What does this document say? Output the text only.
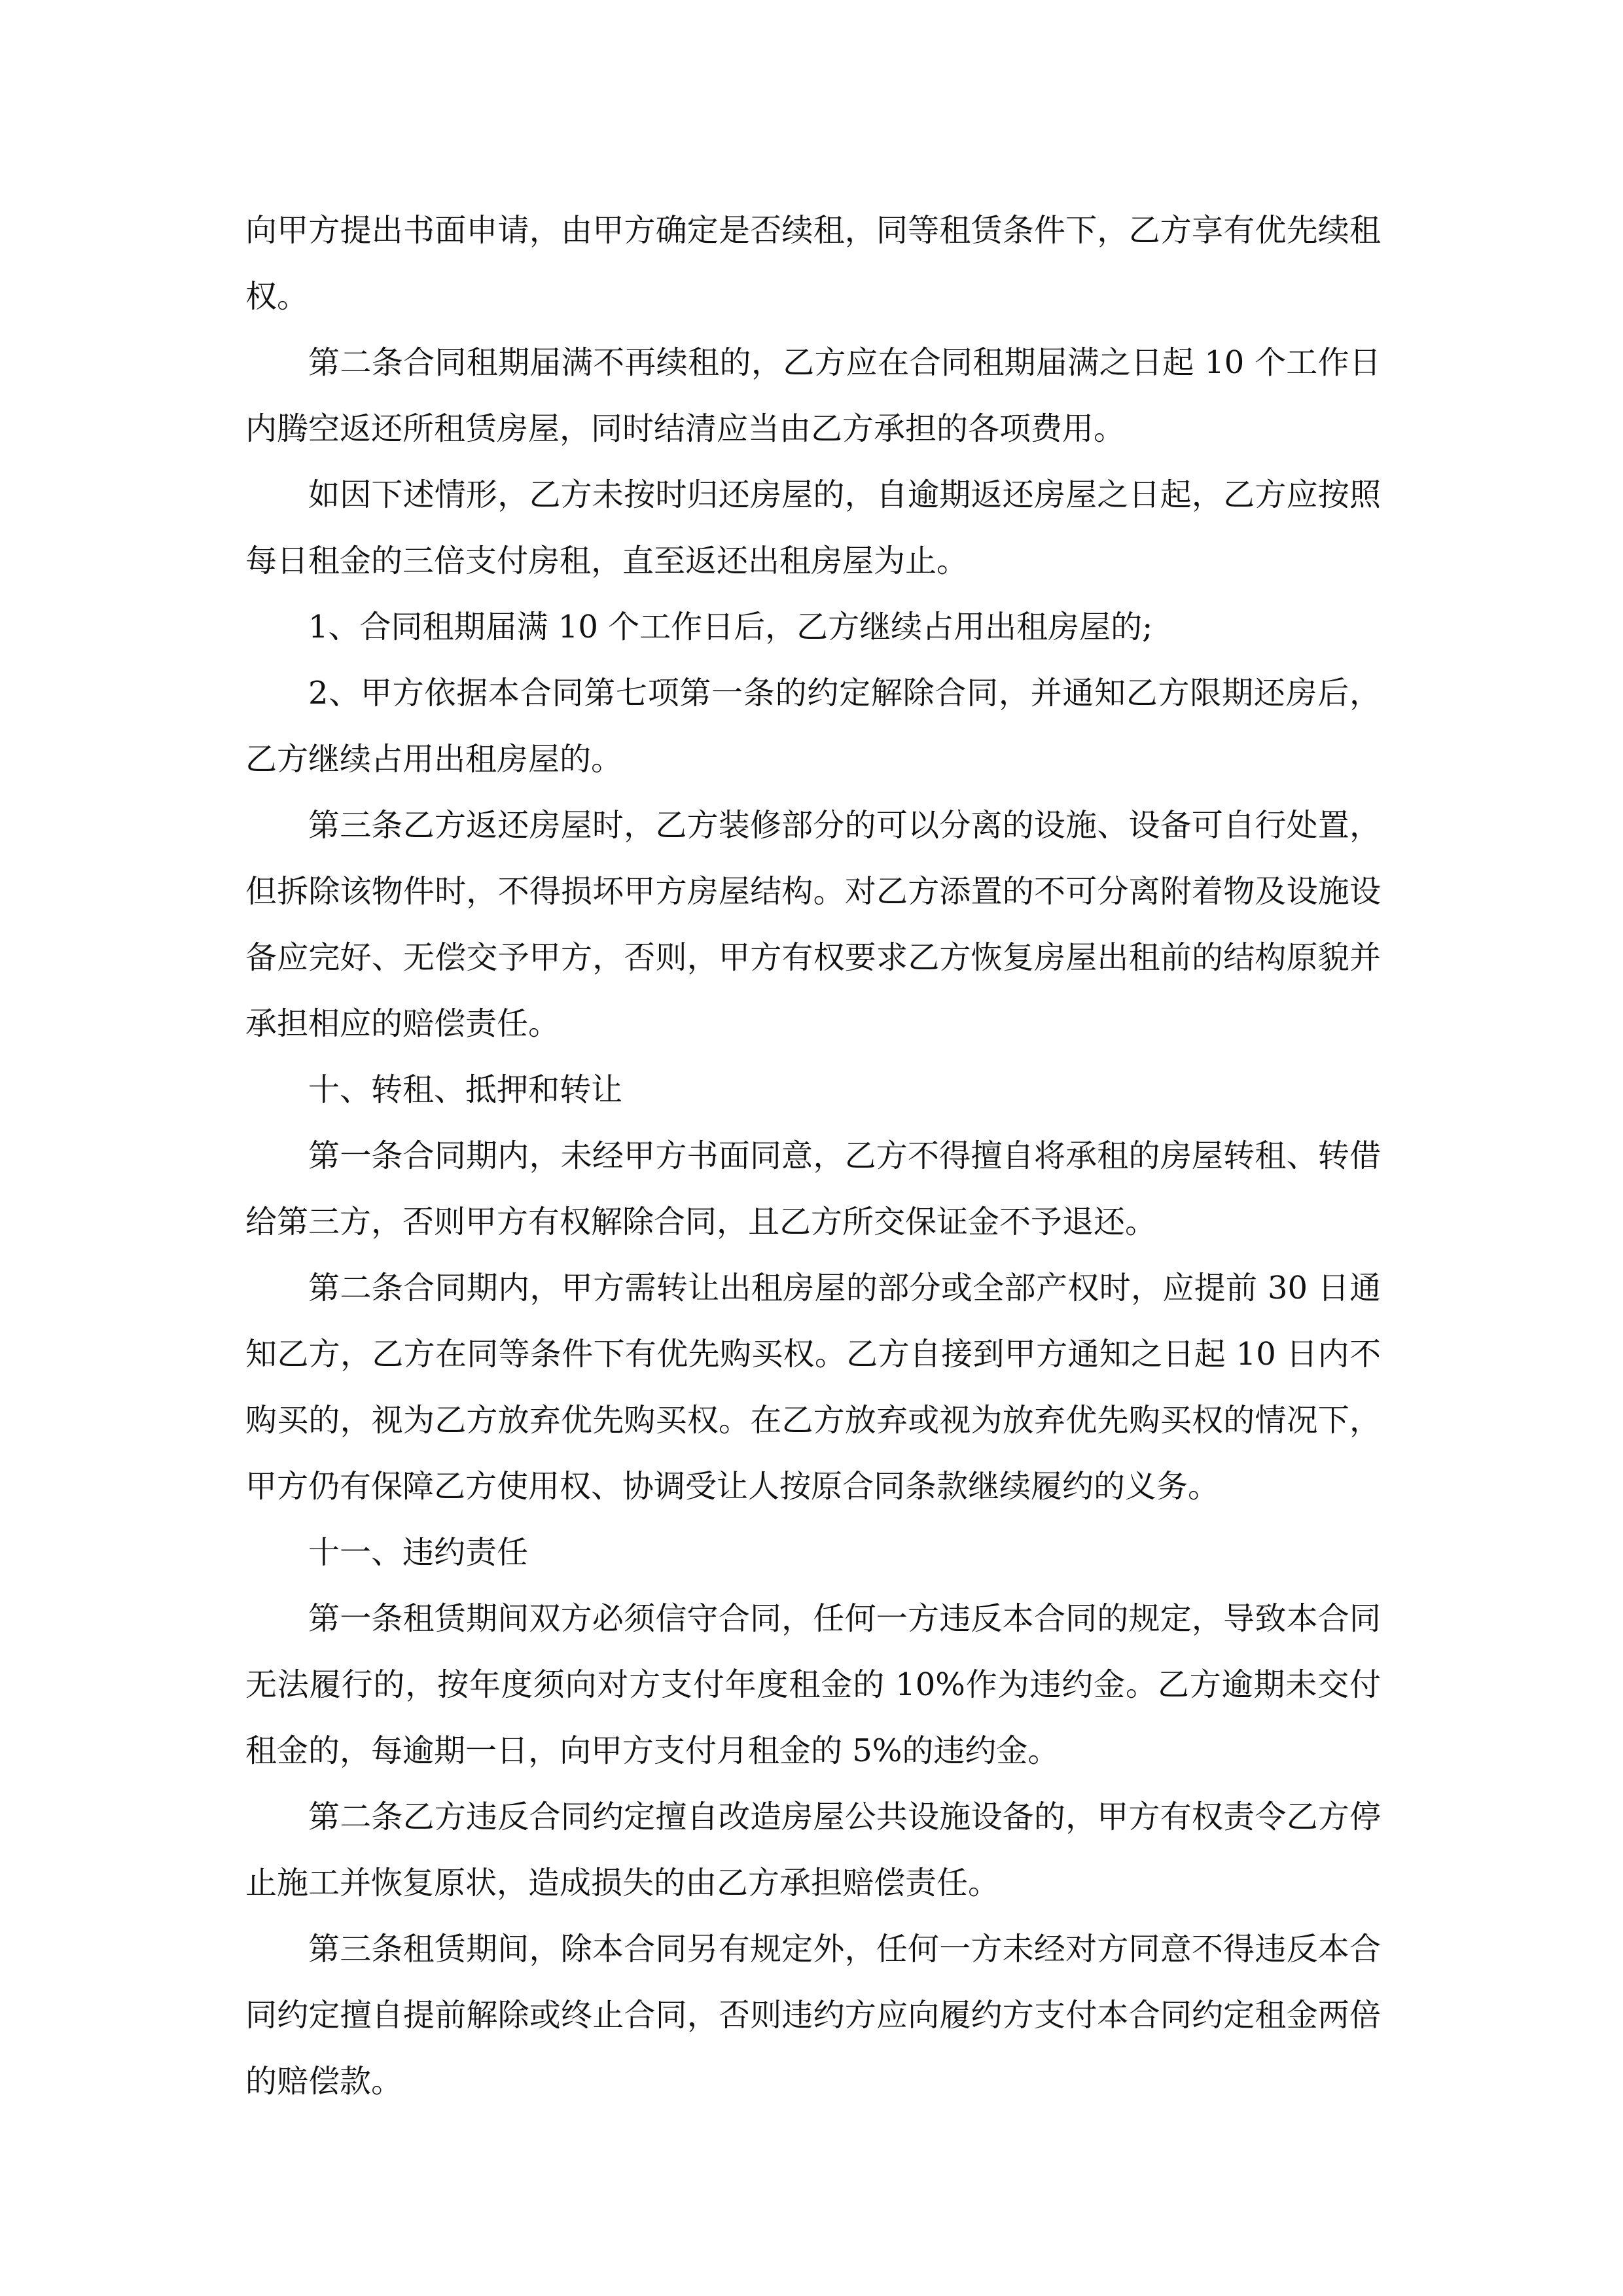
向甲方提出书面申请，由甲方确定是否续租，同等租赁条件下，乙方享有优先续租权。

第二条合同租期届满不再续租的，乙方应在合同租期届满之日起 10 个工作日内腾空返还所租赁房屋，同时结清应当由乙方承担的各项费用。

如因下述情形，乙方未按时归还房屋的，自逾期返还房屋之日起，乙方应按照每日租金的三倍支付房租，直至返还出租房屋为止。

1、合同租期届满 10 个工作日后，乙方继续占用出租房屋的;

2、甲方依据本合同第七项第一条的约定解除合同，并通知乙方限期还房后，乙方继续占用出租房屋的。

第三条乙方返还房屋时，乙方装修部分的可以分离的设施、设备可自行处置，但拆除该物件时，不得损坏甲方房屋结构。对乙方添置的不可分离附着物及设施设备应完好、无偿交予甲方，否则，甲方有权要求乙方恢复房屋出租前的结构原貌并承担相应的赔偿责任。

十、转租、抵押和转让

第一条合同期内，未经甲方书面同意，乙方不得擅自将承租的房屋转租、转借给第三方，否则甲方有权解除合同，且乙方所交保证金不予退还。

第二条合同期内，甲方需转让出租房屋的部分或全部产权时，应提前 30 日通知乙方，乙方在同等条件下有优先购买权。乙方自接到甲方通知之日起 10 日内不购买的，视为乙方放弃优先购买权。在乙方放弃或视为放弃优先购买权的情况下，甲方仍有保障乙方使用权、协调受让人按原合同条款继续履约的义务。

十一、违约责任

第一条租赁期间双方必须信守合同，任何一方违反本合同的规定，导致本合同无法履行的，按年度须向对方支付年度租金的 10%作为违约金。乙方逾期未交付租金的，每逾期一日，向甲方支付月租金的 5%的违约金。

第二条乙方违反合同约定擅自改造房屋公共设施设备的，甲方有权责令乙方停止施工并恢复原状，造成损失的由乙方承担赔偿责任。

第三条租赁期间，除本合同另有规定外，任何一方未经对方同意不得违反本合同约定擅自提前解除或终止合同，否则违约方应向履约方支付本合同约定租金两倍的赔偿款。
